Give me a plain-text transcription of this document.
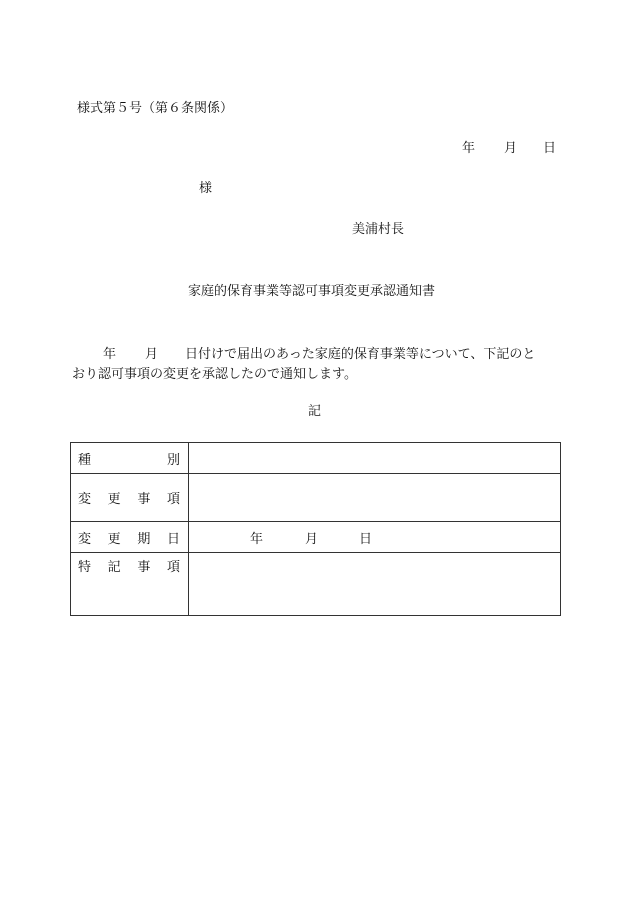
様式第５号（第６条関係）
年 月 日
様
美浦村長
家庭的保育事業等認可事項変更承認通知書
年 月 日付けで届出のあった家庭的保育事業等について、下記のと
おり認可事項の変更を承認したので通知します。
記
種 別	

変 更 事 項	

変 更 期 日	年 月 日

特 記 事 項	
